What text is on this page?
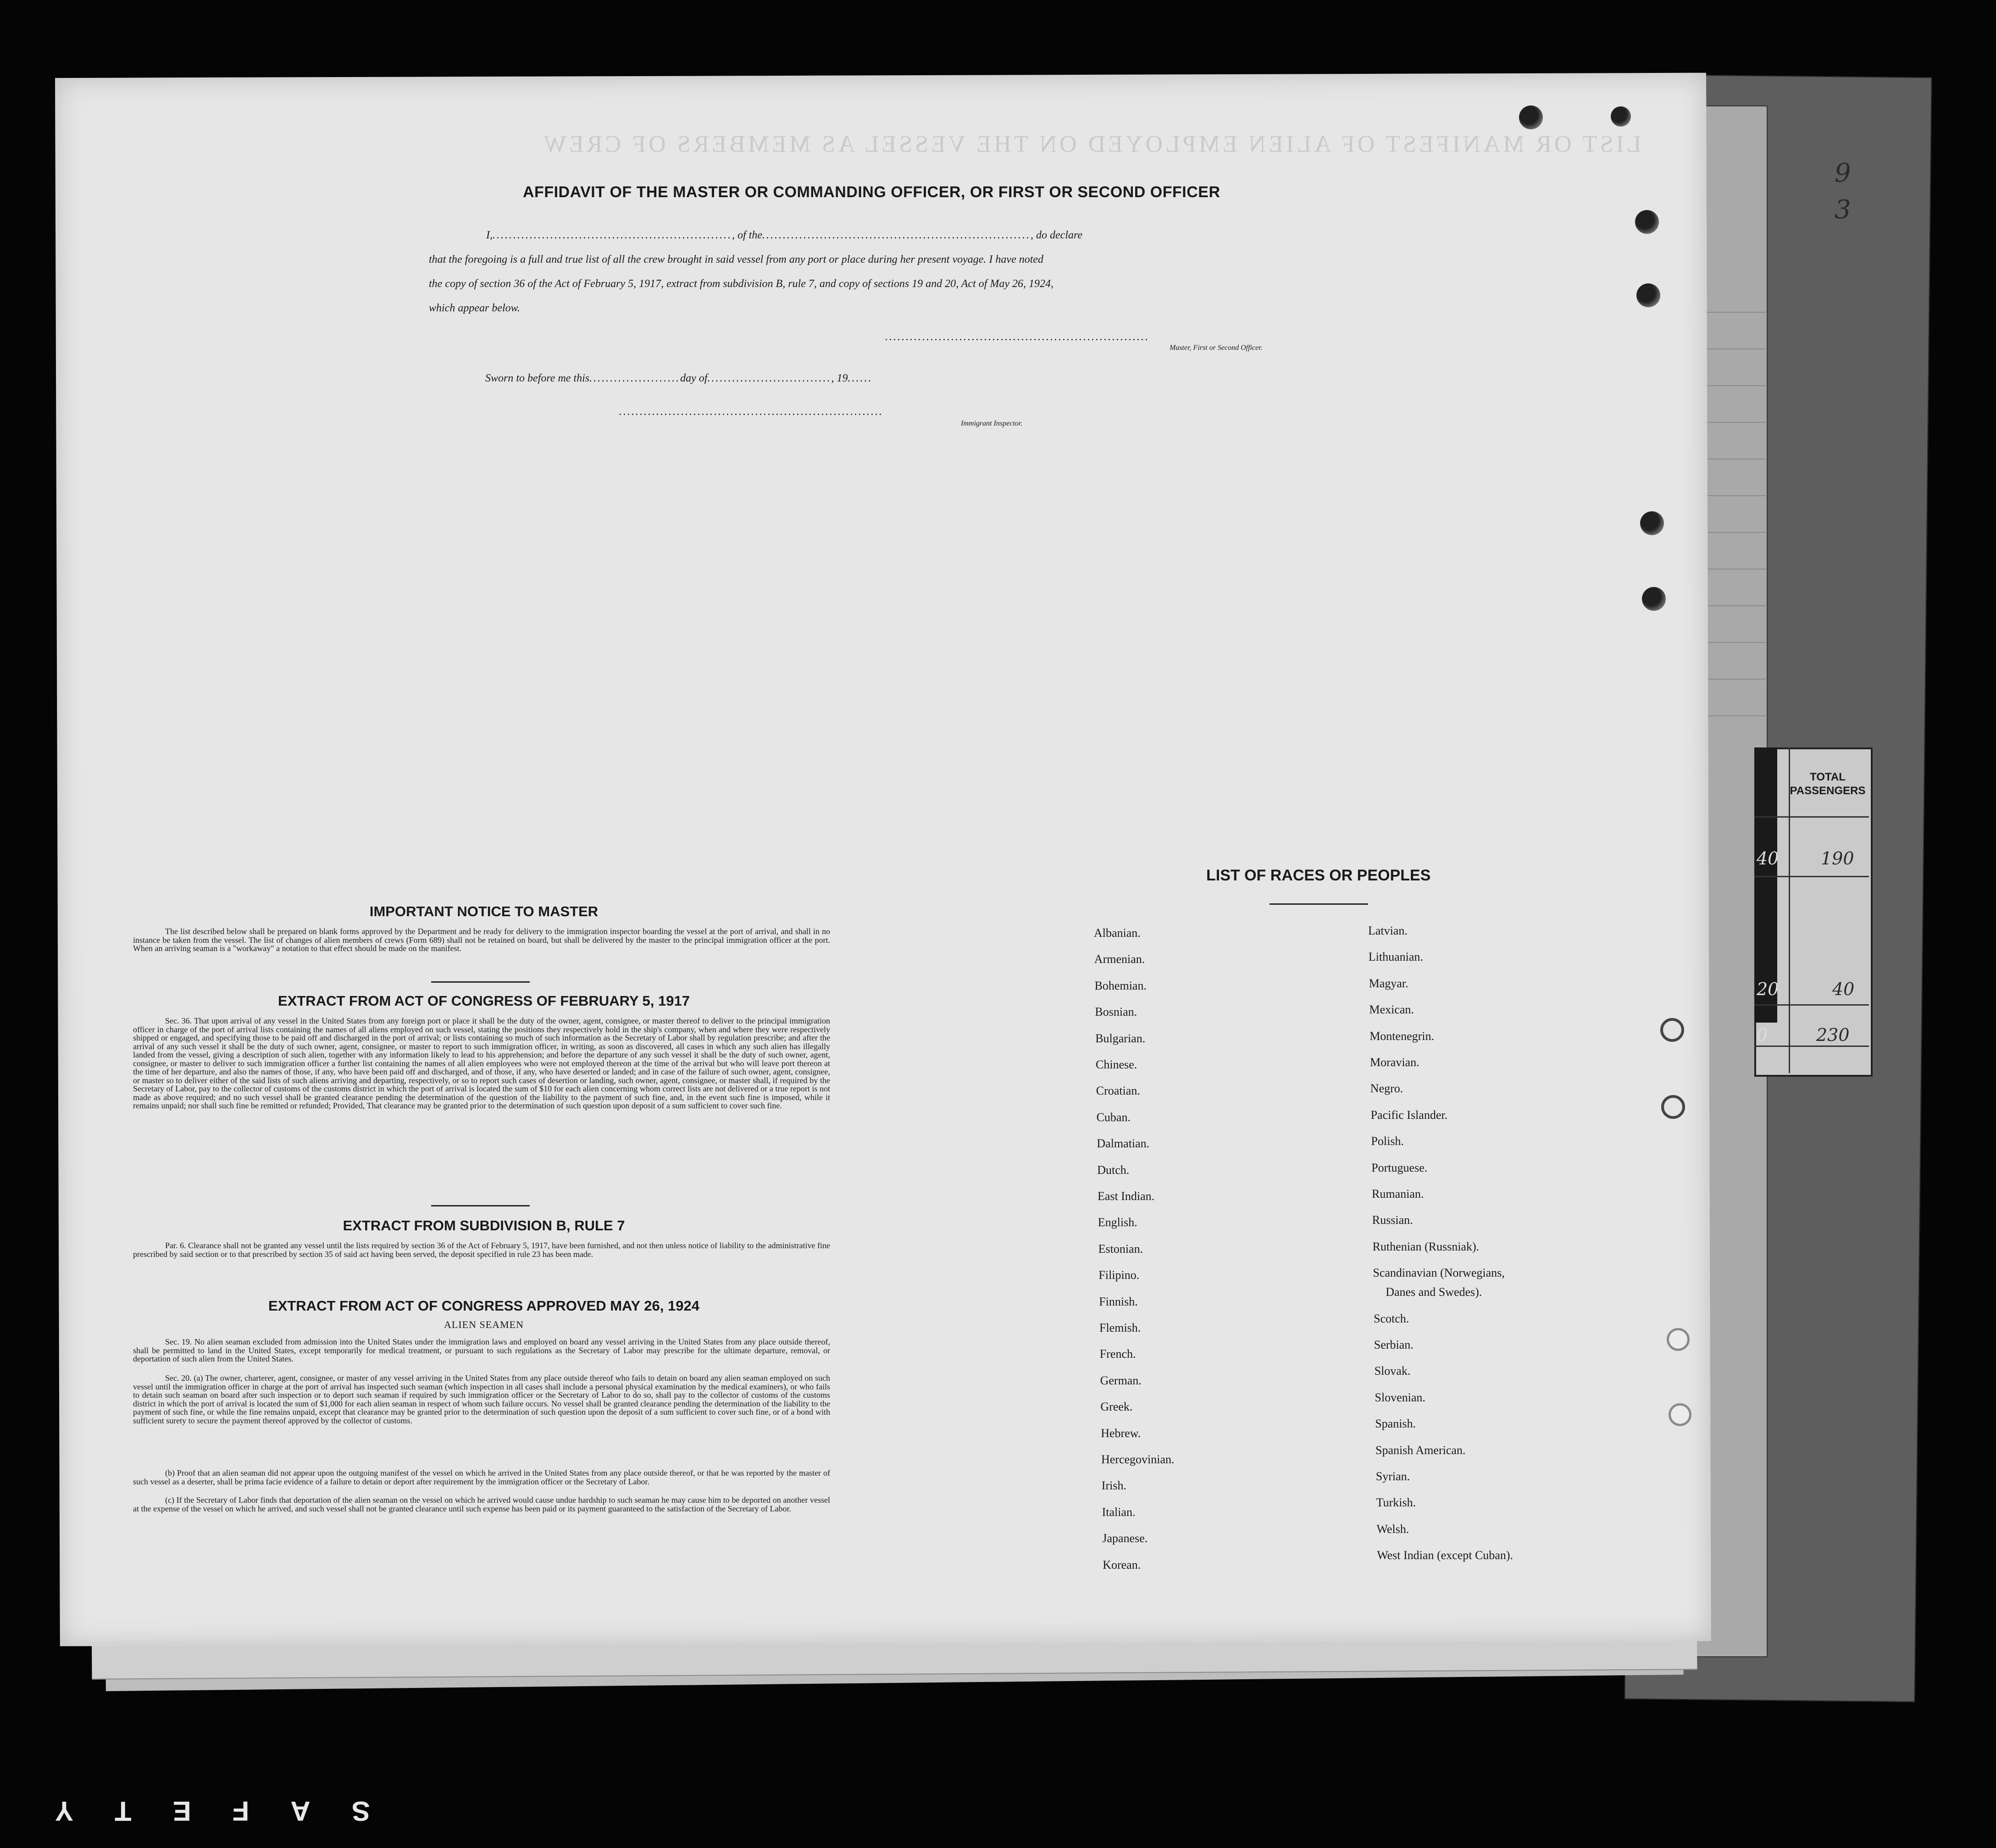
9
3
TOTAL PASSENGERS
190
40
230
40
20
0
LIST OR MANIFEST OF ALIEN EMPLOYED ON THE VESSEL AS MEMBERS OF CREW
AFFIDAVIT OF THE MASTER OR COMMANDING OFFICER, OR FIRST OR SECOND OFFICER
I,.........................................................., of the................................................................., do declare
that the foregoing is a full and true list of all the crew brought in said vessel from any port or place during her present voyage. I have noted
the copy of section 36 of the Act of February 5, 1917, extract from subdivision B, rule 7, and copy of sections 19 and 20, Act of May 26, 1924,
which appear below.
................................................................
Master, First or Second Officer.
Sworn to before me this......................day of.............................., 19......
................................................................
Immigrant Inspector.
IMPORTANT NOTICE TO MASTER
The list described below shall be prepared on blank forms approved by the Department and be ready for delivery to the immigration inspector boarding the vessel at the port of arrival, and shall in no instance be taken from the vessel. The list of changes of alien members of crews (Form 689) shall not be retained on board, but shall be delivered by the master to the principal immigration officer at the port. When an arriving seaman is a "workaway" a notation to that effect should be made on the manifest.
EXTRACT FROM ACT OF CONGRESS OF FEBRUARY 5, 1917
Sec. 36. That upon arrival of any vessel in the United States from any foreign port or place it shall be the duty of the owner, agent, consignee, or master thereof to deliver to the principal immigration officer in charge of the port of arrival lists containing the names of all aliens employed on such vessel, stating the positions they respectively hold in the ship's company, when and where they were respectively shipped or engaged, and specifying those to be paid off and discharged in the port of arrival; or lists containing so much of such information as the Secretary of Labor shall by regulation prescribe; and after the arrival of any such vessel it shall be the duty of such owner, agent, consignee, or master to report to such immigration officer, in writing, as soon as discovered, all cases in which any such alien has illegally landed from the vessel, giving a description of such alien, together with any information likely to lead to his apprehension; and before the departure of any such vessel it shall be the duty of such owner, agent, consignee, or master to deliver to such immigration officer a further list containing the names of all alien employees who were not employed thereon at the time of the arrival but who will leave port thereon at the time of her departure, and also the names of those, if any, who have been paid off and discharged, and of those, if any, who have deserted or landed; and in case of the failure of such owner, agent, consignee, or master so to deliver either of the said lists of such aliens arriving and departing, respectively, or so to report such cases of desertion or landing, such owner, agent, consignee, or master shall, if required by the Secretary of Labor, pay to the collector of customs of the customs district in which the port of arrival is located the sum of $10 for each alien concerning whom correct lists are not delivered or a true report is not made as above required; and no such vessel shall be granted clearance pending the determination of the question of the liability to the payment of such fine, and, in the event such fine is imposed, while it remains unpaid; nor shall such fine be remitted or refunded; Provided, That clearance may be granted prior to the determination of such question upon deposit of a sum sufficient to cover such fine.
EXTRACT FROM SUBDIVISION B, RULE 7
Par. 6. Clearance shall not be granted any vessel until the lists required by section 36 of the Act of February 5, 1917, have been furnished, and not then unless notice of liability to the administrative fine prescribed by said section or to that prescribed by section 35 of said act having been served, the deposit specified in rule 23 has been made.
EXTRACT FROM ACT OF CONGRESS APPROVED MAY 26, 1924
ALIEN SEAMEN
Sec. 19. No alien seaman excluded from admission into the United States under the immigration laws and employed on board any vessel arriving in the United States from any place outside thereof, shall be permitted to land in the United States, except temporarily for medical treatment, or pursuant to such regulations as the Secretary of Labor may prescribe for the ultimate departure, removal, or deportation of such alien from the United States.
Sec. 20. (a) The owner, charterer, agent, consignee, or master of any vessel arriving in the United States from any place outside thereof who fails to detain on board any alien seaman employed on such vessel until the immigration officer in charge at the port of arrival has inspected such seaman (which inspection in all cases shall include a personal physical examination by the medical examiners), or who fails to detain such seaman on board after such inspection or to deport such seaman if required by such immigration officer or the Secretary of Labor to do so, shall pay to the collector of customs of the customs district in which the port of arrival is located the sum of $1,000 for each alien seaman in respect of whom such failure occurs. No vessel shall be granted clearance pending the determination of the liability to the payment of such fine, or while the fine remains unpaid, except that clearance may be granted prior to the determination of such question upon the deposit of a sum sufficient to cover such fine, or of a bond with sufficient surety to secure the payment thereof approved by the collector of customs.
(b) Proof that an alien seaman did not appear upon the outgoing manifest of the vessel on which he arrived in the United States from any place outside thereof, or that he was reported by the master of such vessel as a deserter, shall be prima facie evidence of a failure to detain or deport after requirement by the immigration officer or the Secretary of Labor.
(c) If the Secretary of Labor finds that deportation of the alien seaman on the vessel on which he arrived would cause undue hardship to such seaman he may cause him to be deported on another vessel at the expense of the vessel on which he arrived, and such vessel shall not be granted clearance until such expense has been paid or its payment guaranteed to the satisfaction of the Secretary of Labor.
LIST OF RACES OR PEOPLES
Albanian.
Armenian.
Bohemian.
Bosnian.
Bulgarian.
Chinese.
Croatian.
Cuban.
Dalmatian.
Dutch.
East Indian.
English.
Estonian.
Filipino.
Finnish.
Flemish.
French.
German.
Greek.
Hebrew.
Hercegovinian.
Irish.
Italian.
Japanese.
Korean.
Latvian.
Lithuanian.
Magyar.
Mexican.
Montenegrin.
Moravian.
Negro.
Pacific Islander.
Polish.
Portuguese.
Rumanian.
Russian.
Ruthenian (Russniak).
Scandinavian (Norwegians,
Danes and Swedes).
Scotch.
Serbian.
Slovak.
Slovenian.
Spanish.
Spanish American.
Syrian.
Turkish.
Welsh.
West Indian (except Cuban).
SAFETY
